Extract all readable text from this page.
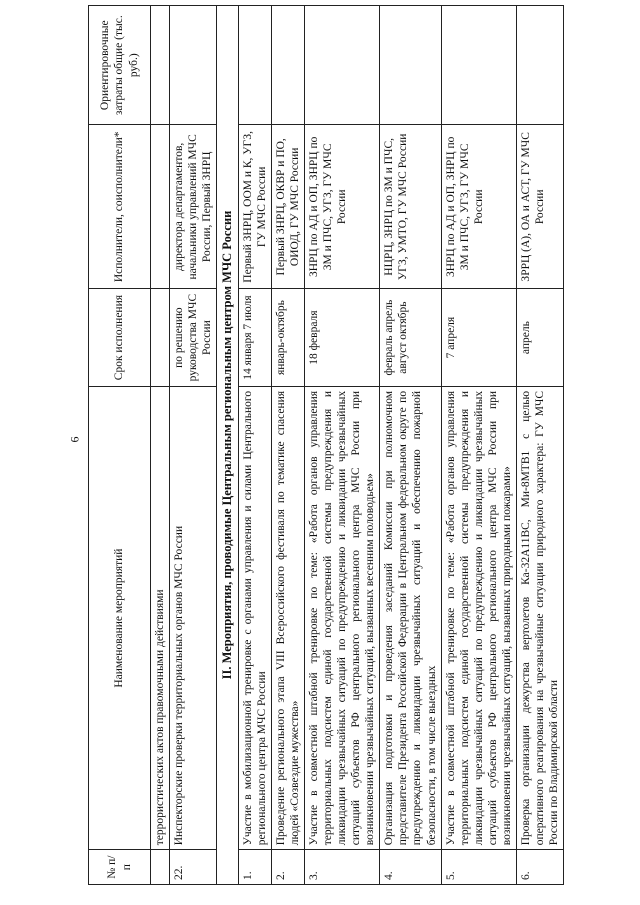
6
№ п/п	Наименование мероприятий	Срок исполнения	Исполнители, соисполнители*	Ориентировочные затраты общие (тыс. руб.)
	террористических актов правомочными действиями			
22.	Инспекторские проверки территориальных органов МЧС России	по решению руководства МЧС России	директора департаментов, начальники управлений МЧС России, Первый ЗНРЦ	
II. Мероприятия, проводимые Центральным региональным центром МЧС России				
1.	Участие в мобилизационной тренировке с органами управления и силами Центрального регионального центра МЧС России	14 января 7 июля	Первый ЗНРЦ, ООМ и К, УГЗ, ГУ МЧС России	
2.	Проведение регионального этапа VIII Всероссийского фестиваля по тематике спасения людей «Созвездие мужества»	январь-октябрь	Первый ЗНРЦ, ОКВР и ПО, ОИОД, ГУ МЧС России	
3.	Участие в совместной штабной тренировке по теме: «Работа органов управления территориальных подсистем единой государственной системы предупреждения и ликвидации чрезвычайных ситуаций по предупреждению и ликвидации чрезвычайных ситуаций субъектов РФ центрального регионального центра МЧС России при возникновении чрезвычайных ситуаций, вызванных весенним половодьем»	18 февраля	ЗНРЦ по АД и ОП, ЗНРЦ по ЗМ и ПЧС, УГЗ, ГУ МЧС России	
4.	Организация подготовки и проведения заседаний Комиссии при полномочном представителе Президента Российской Федерации в Центральном федеральном округе по предупреждению и ликвидации чрезвычайных ситуаций и обеспечению пожарной безопасности, в том числе выездных	февраль апрель август октябрь	НЦРЦ, ЗНРЦ по ЗМ и ПЧС, УГЗ, УМТО, ГУ МЧС России	
5.	Участие в совместной штабной тренировке по теме: «Работа органов управления территориальных подсистем единой государственной системы предупреждения и ликвидации чрезвычайных ситуаций по предупреждению и ликвидации чрезвычайных ситуаций субъектов РФ центрального регионального центра МЧС России при возникновении чрезвычайных ситуаций, вызванных природными пожарами»	7 апреля	ЗНРЦ по АД и ОП, ЗНРЦ по ЗМ и ПЧС, УГЗ, ГУ МЧС России	
6.	Проверка организации дежурства вертолетов Ка-32А11ВС, Ми-8МТВ1 с целью оперативного реагирования на чрезвычайные ситуации природного характера: ГУ МЧС России по Владимирской области	апрель	ЗРРЦ (А), ОА и АСТ, ГУ МЧС России	
